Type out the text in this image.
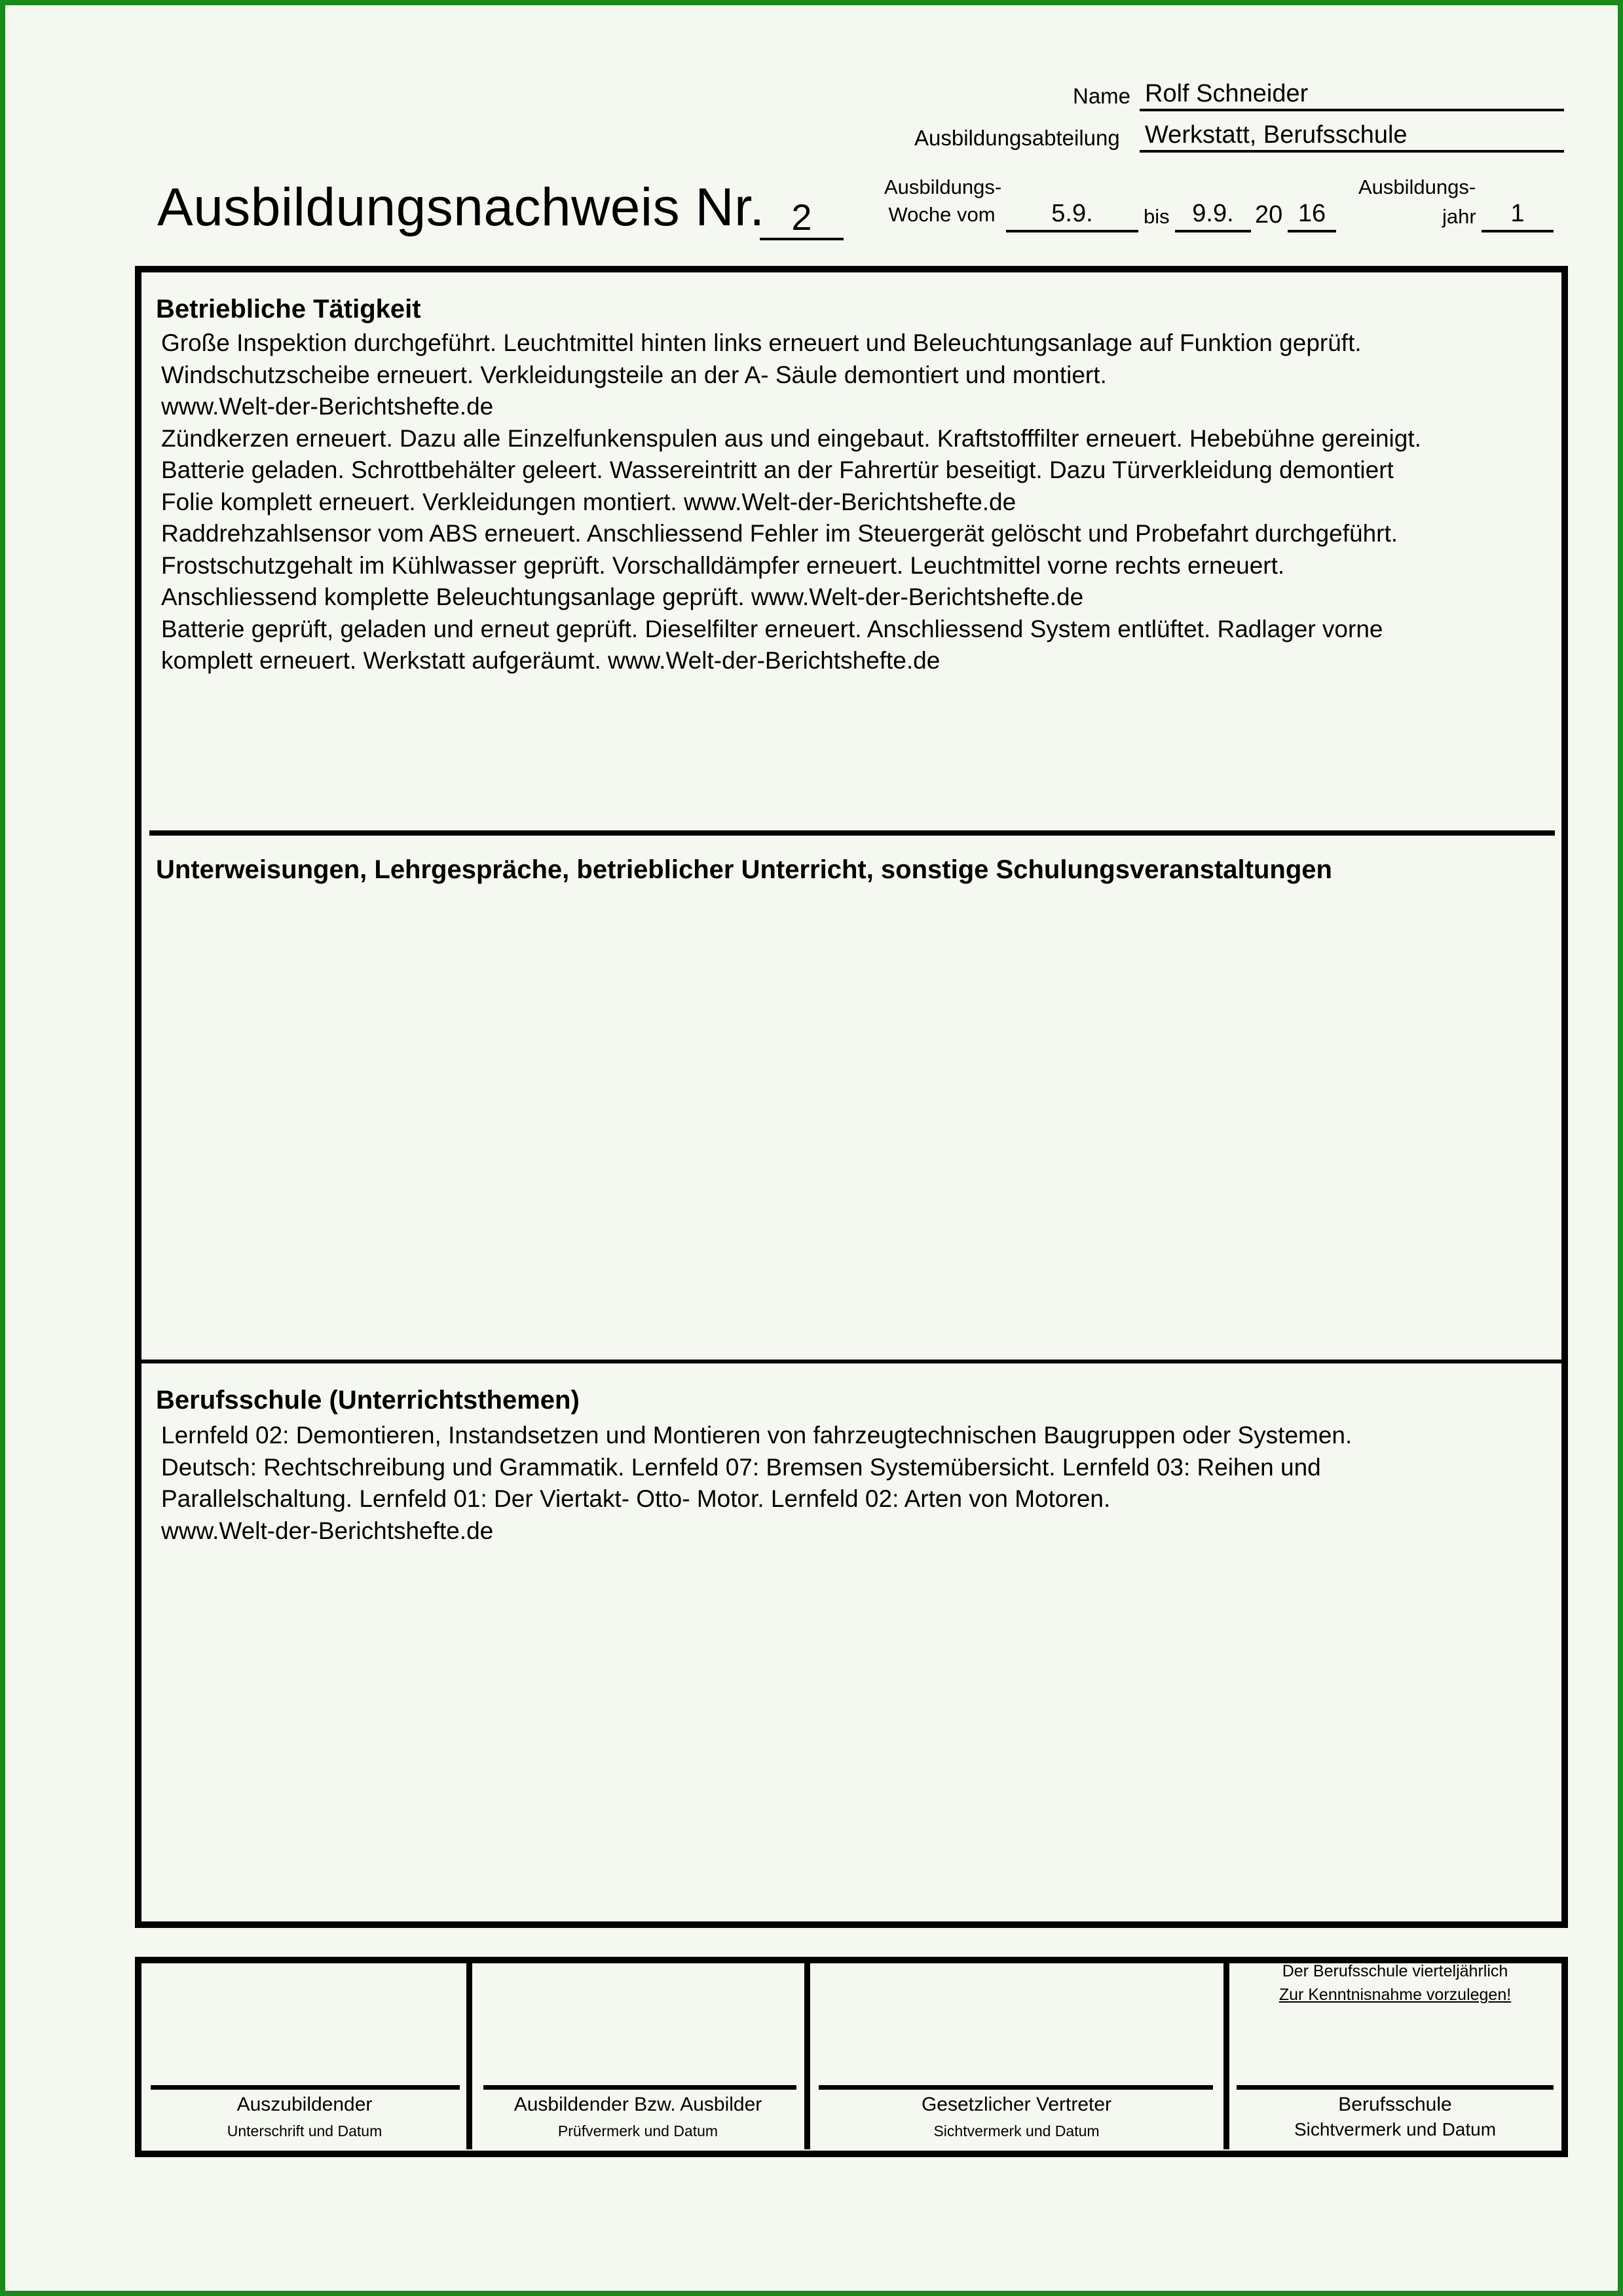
Name Rolf Schneider
Ausbildungsabteilung Werkstatt, Berufsschule
Ausbildungsnachweis Nr. 2
Ausbildungs-
Woche vom	5.9.	bis 9.9. 20 16
Ausbildungs-
jahr	1
Betriebliche Tätigkeit
Große Inspektion durchgeführt. Leuchtmittel hinten links erneuert und Beleuchtungsanlage auf Funktion geprüft.
Windschutzscheibe erneuert. Verkleidungsteile an der A- Säule demontiert und montiert.
www.Welt-der-Berichtshefte.de
Zündkerzen erneuert. Dazu alle Einzelfunkenspulen aus und eingebaut. Kraftstofffilter erneuert. Hebebühne gereinigt.
Batterie geladen. Schrottbehälter geleert. Wassereintritt an der Fahrertür beseitigt. Dazu Türverkleidung demontiert
Folie komplett erneuert. Verkleidungen montiert. www.Welt-der-Berichtshefte.de
Raddrehzahlsensor vom ABS erneuert. Anschliessend Fehler im Steuergerät gelöscht und Probefahrt durchgeführt.
Frostschutzgehalt im Kühlwasser geprüft. Vorschalldämpfer erneuert. Leuchtmittel vorne rechts erneuert.
Anschliessend komplette Beleuchtungsanlage geprüft. www.Welt-der-Berichtshefte.de
Batterie geprüft, geladen und erneut geprüft. Dieselfilter erneuert. Anschliessend System entlüftet. Radlager vorne
komplett erneuert. Werkstatt aufgeräumt. www.Welt-der-Berichtshefte.de
Unterweisungen, Lehrgespräche, betrieblicher Unterricht, sonstige Schulungsveranstaltungen
Berufsschule (Unterrichtsthemen)
Lernfeld 02: Demontieren, Instandsetzen und Montieren von fahrzeugtechnischen Baugruppen oder Systemen.
Deutsch: Rechtschreibung und Grammatik. Lernfeld 07: Bremsen Systemübersicht. Lernfeld 03: Reihen und
Parallelschaltung. Lernfeld 01: Der Viertakt- Otto- Motor. Lernfeld 02: Arten von Motoren.
www.Welt-der-Berichtshefte.de
Auszubildender
Unterschrift und Datum
Ausbildender Bzw. Ausbilder
Prüfvermerk und Datum
Gesetzlicher Vertreter
Sichtvermerk und Datum
Der Berufsschule vierteljährlich
Zur Kenntnisnahme vorzulegen!
Berufsschule
Sichtvermerk und Datum
